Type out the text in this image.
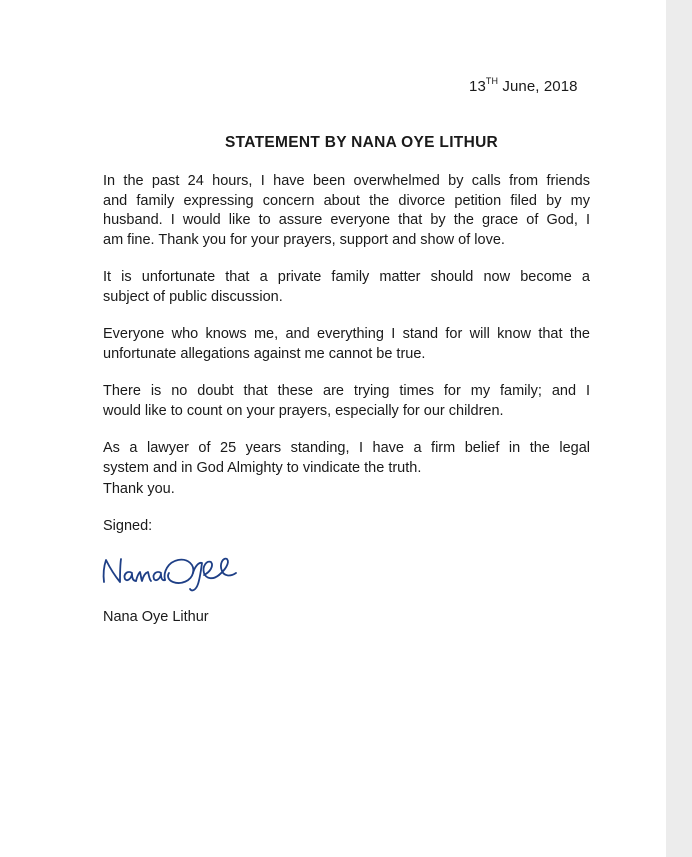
13TH June, 2018
STATEMENT BY NANA OYE LITHUR
In the past 24 hours, I have been overwhelmed by calls from friends
and family expressing concern about the divorce petition filed by my
husband. I would like to assure everyone that by the grace of God, I
am fine. Thank you for your prayers, support and show of love.
It is unfortunate that a private family matter should now become a
subject of public discussion.
Everyone who knows me, and everything I stand for will know that the
unfortunate allegations against me cannot be true.
There is no doubt that these are trying times for my family; and I
would like to count on your prayers, especially for our children.
As a lawyer of 25 years standing, I have a firm belief in the legal
system and in God Almighty to vindicate the truth.
Thank you.
Signed:
Nana Oye Lithur
